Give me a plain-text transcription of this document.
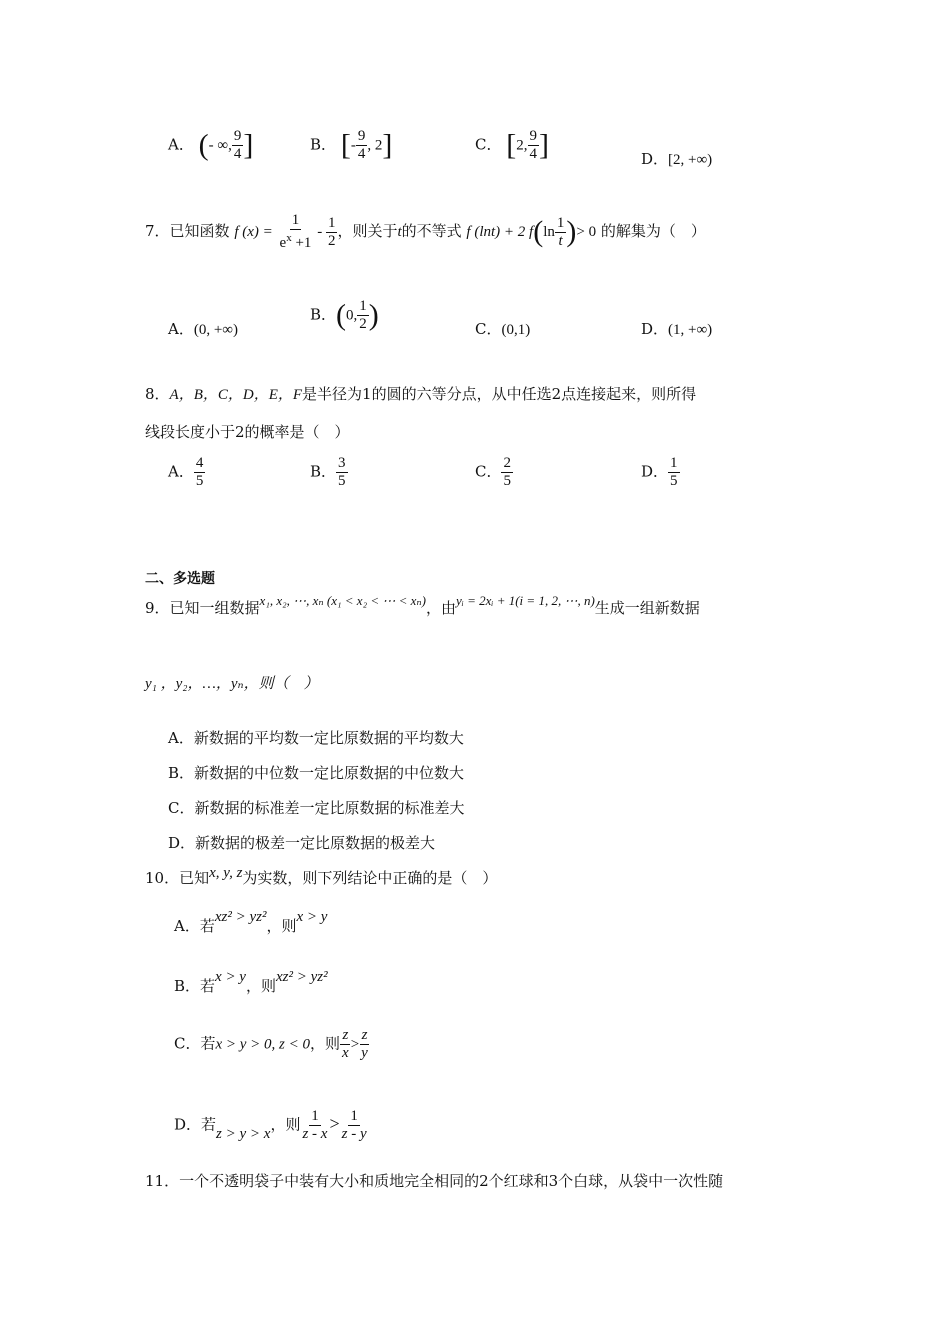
A． (- ∞, $\frac{9}{4}$ ]	B． [- $\frac{9}{4}$ , 2]	C． [2, $\frac{9}{4}$ ]	D．[2, +∞)
7．已知函数 f $(x) = \frac{1}{e^x +1} - \frac{1}{2}$ ，则关于t的不等式 f (lnt) + 2 $f(\ln \frac{1}{t}$ )> 0 的解集为（　）
A．(0, +∞)
B．(0, $\frac{1}{2}$ )	C．(0,1)	D．(1, +∞)
8．A，B，C，D，E，F是半径为1的圆的六等分点，从中任选2点连接起来，则所得
线段长度小于2的概率是（　）
A． $\frac{4}{5}$	B． $\frac{3}{5}$	C． $\frac{2}{5}$	D． $\frac{1}{5}$
二、多选题
9．已知一组数据x₁, x₂, ⋯, xₙ (x₁ < x₂ < ⋯ < xₙ)，由yᵢ = 2xᵢ + 1(i = 1, 2, ⋯, n)生成一组新数据
y₁ ，y₂，…，yₙ，则（　）
A．新数据的平均数一定比原数据的平均数大
B．新数据的中位数一定比原数据的中位数大
C．新数据的标准差一定比原数据的标准差大
D．新数据的极差一定比原数据的极差大
10．已知x, y, z为实数，则下列结论中正确的是（　）
A．若xz² > yz²，则x > y
B．若x > y，则xz² > yz²
C．若x > y > 0, z < 0，则 $\frac{z}{x} > \frac{z}{y}$
D．若z > y > x，则 $\frac{1}{z - x} > \frac{1}{z - y}$
11．一个不透明袋子中装有大小和质地完全相同的2个红球和3个白球，从袋中一次性随
